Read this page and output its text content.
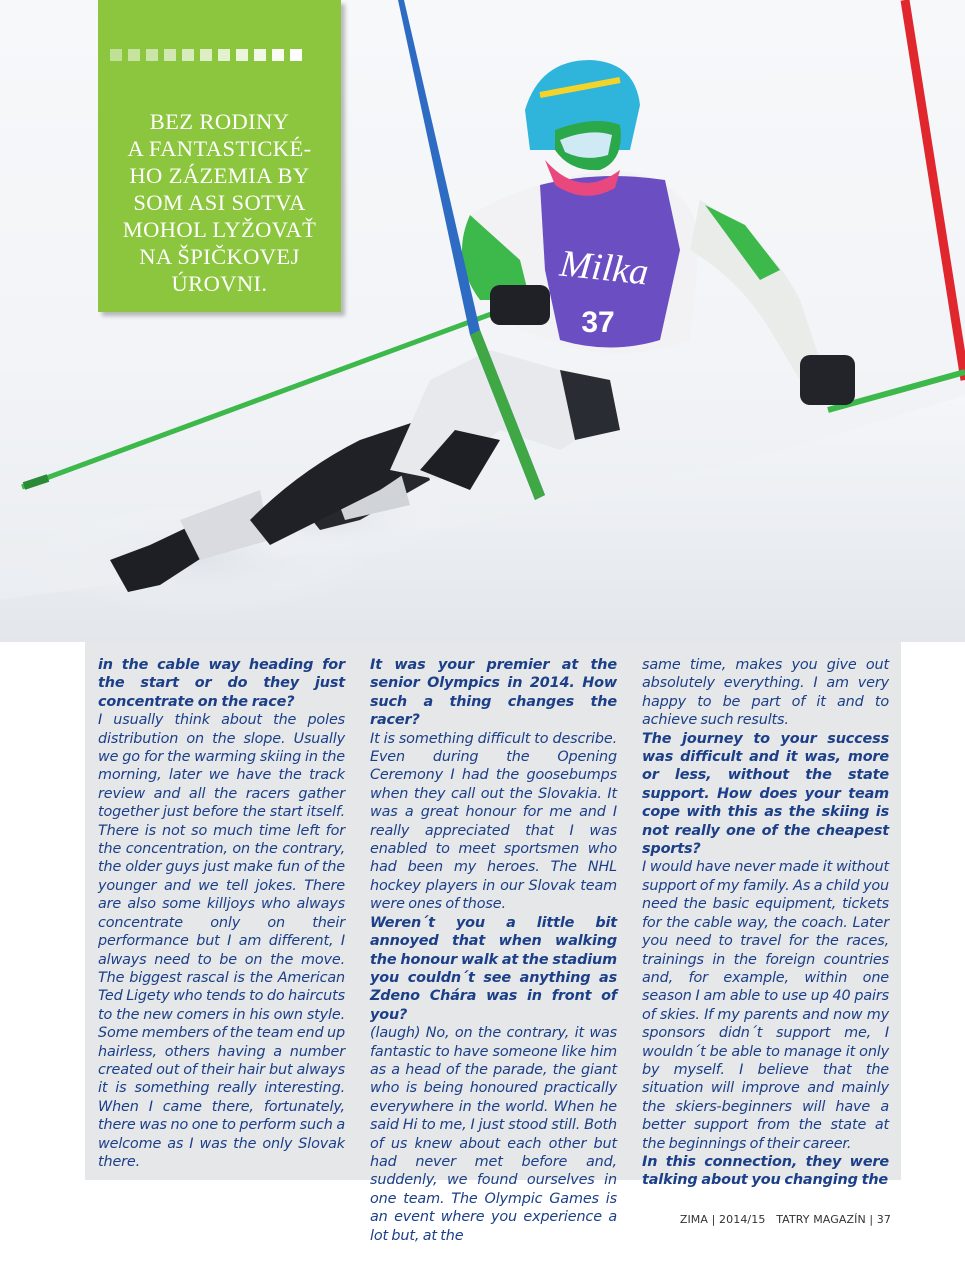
Milka
37
BEZ RODINY
A FANTASTICKÉ-
HO ZÁZEMIA BY
SOM ASI SOTVA
MOHOL LYŽOVAŤ
NA ŠPIČKOVEJ
ÚROVNI.

in the cable way heading for the start or do they just concentrate on the race?

I usually think about the poles distribution on the slope. Usually we go for the warming skiing in the morning, later we have the track review and all the racers gather together just before the start itself. There is not so much time left for the concentration, on the contrary, the older guys just make fun of the younger and we tell jokes. There are also some killjoys who always concentrate only on their performance but I am different, I always need to be on the move. The biggest rascal is the American Ted Ligety who tends to do haircuts to the new comers in his own style. Some members of the team end up hairless, others having a number created out of their hair but always it is something really interesting. When I came there, fortunately, there was no one to perform such a welcome as I was the only Slovak there.

It was your premier at the senior Olympics in 2014. How such a thing changes the racer?

It is something difficult to describe. Even during the Opening Ceremony I had the goosebumps when they call out the Slovakia. It was a great honour for me and I really appreciated that I was enabled to meet sportsmen who had been my heroes. The NHL hockey players in our Slovak team were ones of those.

Weren´t you a little bit annoyed that when walking the honour walk at the stadium you couldn´t see anything as Zdeno Chára was in front of you?

(laugh) No, on the contrary, it was fantastic to have someone like him as a head of the parade, the giant who is being honoured practically everywhere in the world. When he said Hi to me, I just stood still. Both of us knew about each other but had never met before and, suddenly, we found ourselves in one team. The Olympic Games is an event where you experience a lot but, at the

same time, makes you give out absolutely everything. I am very happy to be part of it and to achieve such results.

The journey to your success was difficult and it was, more or less, without the state support. How does your team cope with this as the skiing is not really one of the cheapest sports?

I would have never made it without support of my family. As a child you need the basic equipment, tickets for the cable way, the coach. Later you need to travel for the races, trainings in the foreign countries and, for example, within one season I am able to use up 40 pairs of skies. If my parents and now my sponsors didn´t support me, I wouldn´t be able to manage it only by myself. I believe that the situation will improve and mainly the skiers-beginners will have a better support from the state at the beginnings of their career.

In this connection, they were talking about you changing the

ZIMA | 2014/15   TATRY MAGAZÍN | 37
